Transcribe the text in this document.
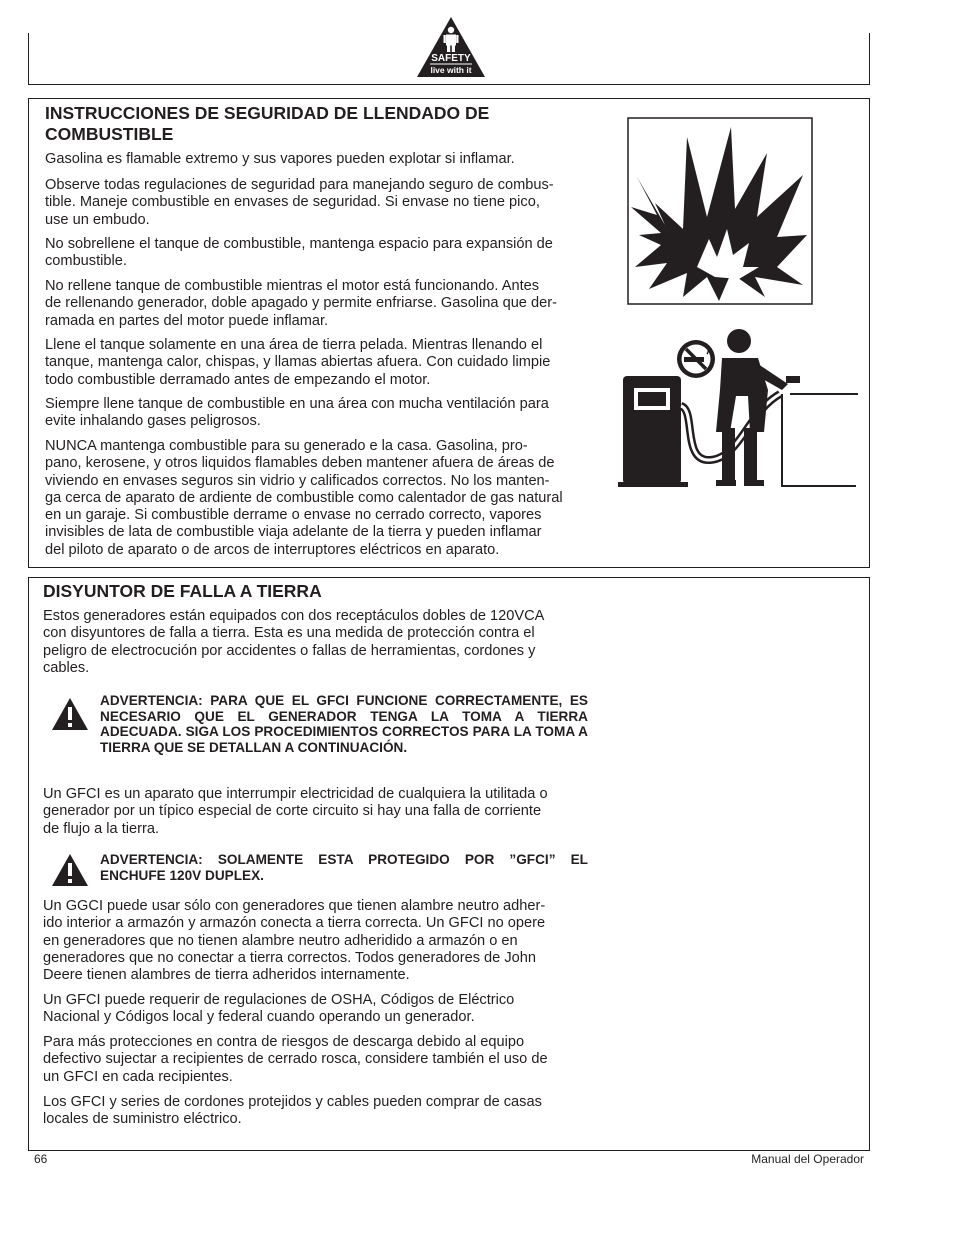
SAFETY
live with it
INSTRUCCIONES DE SEGURIDAD DE LLENDADO DE
COMBUSTIBLE
Gasolina es flamable extremo y sus vapores pueden explotar si inflamar.
Observe todas regulaciones de seguridad para manejando seguro de combus-
tible. Maneje combustible en envases de seguridad. Si envase no tiene pico,
use un embudo.
No sobrellene el tanque de combustible, mantenga espacio para expansión de
combustible.
No rellene tanque de combustible mientras el motor está funcionando. Antes
de rellenando generador, doble apagado y permite enfriarse. Gasolina que der-
ramada en partes del motor puede inflamar.
Llene el tanque solamente en una área de tierra pelada. Mientras llenando el
tanque, mantenga calor, chispas, y llamas abiertas afuera. Con cuidado limpie
todo combustible derramado antes de empezando el motor.
Siempre llene tanque de combustible en una área con mucha ventilación para
evite inhalando gases peligrosos.
NUNCA mantenga combustible para su generado e la casa. Gasolina, pro-
pano, kerosene, y otros liquidos flamables deben mantener afuera de áreas de
viviendo en envases seguros sin vidrio y calificados correctos. No los manten-
ga cerca de aparato de ardiente de combustible como calentador de gas natural
en un garaje. Si combustible derrame o envase no cerrado correcto, vapores
invisibles de lata de combustible viaja adelante de la tierra y pueden inflamar
del piloto de aparato o de arcos de interruptores eléctricos en aparato.
DISYUNTOR DE FALLA A TIERRA
Estos generadores están equipados con dos receptáculos dobles de 120VCA
con disyuntores de falla a tierra. Esta es una medida de protección contra el
peligro de electrocución por accidentes o fallas de herramientas, cordones y
cables.
ADVERTENCIA: PARA QUE EL GFCI FUNCIONE CORRECTAMENTE, ES NECESARIO QUE EL GENERADOR TENGA LA TOMA A TIERRA ADECUADA. SIGA LOS PROCEDIMIENTOS CORRECTOS PARA LA TOMA A TIERRA QUE SE DETALLAN A CONTINUACIÓN.
Un GFCI es un aparato que interrumpir electricidad de cualquiera la utilitada o
generador por un típico especial de corte circuito si hay una falla de corriente
de flujo a la tierra.
ADVERTENCIA: SOLAMENTE ESTA PROTEGIDO POR ”GFCI” EL ENCHUFE 120V DUPLEX.
Un GGCI puede usar sólo con generadores que tienen alambre neutro adher-
ido interior a armazón y armazón conecta a tierra correcta. Un GFCI no opere
en generadores que no tienen alambre neutro adheridido a armazón o en
generadores que no conectar a tierra correctos. Todos generadores de John
Deere tienen alambres de tierra adheridos internamente.
Un GFCI puede requerir de regulaciones de OSHA, Códigos de Eléctrico
Nacional y Códigos local y federal cuando operando un generador.
Para más protecciones en contra de riesgos de descarga debido al equipo
defectivo sujectar a recipientes de cerrado rosca, considere también el uso de
un GFCI en cada recipientes.
Los GFCI y series de cordones protejidos y cables pueden comprar de casas
locales de suministro eléctrico.
66	Manual del Operador
